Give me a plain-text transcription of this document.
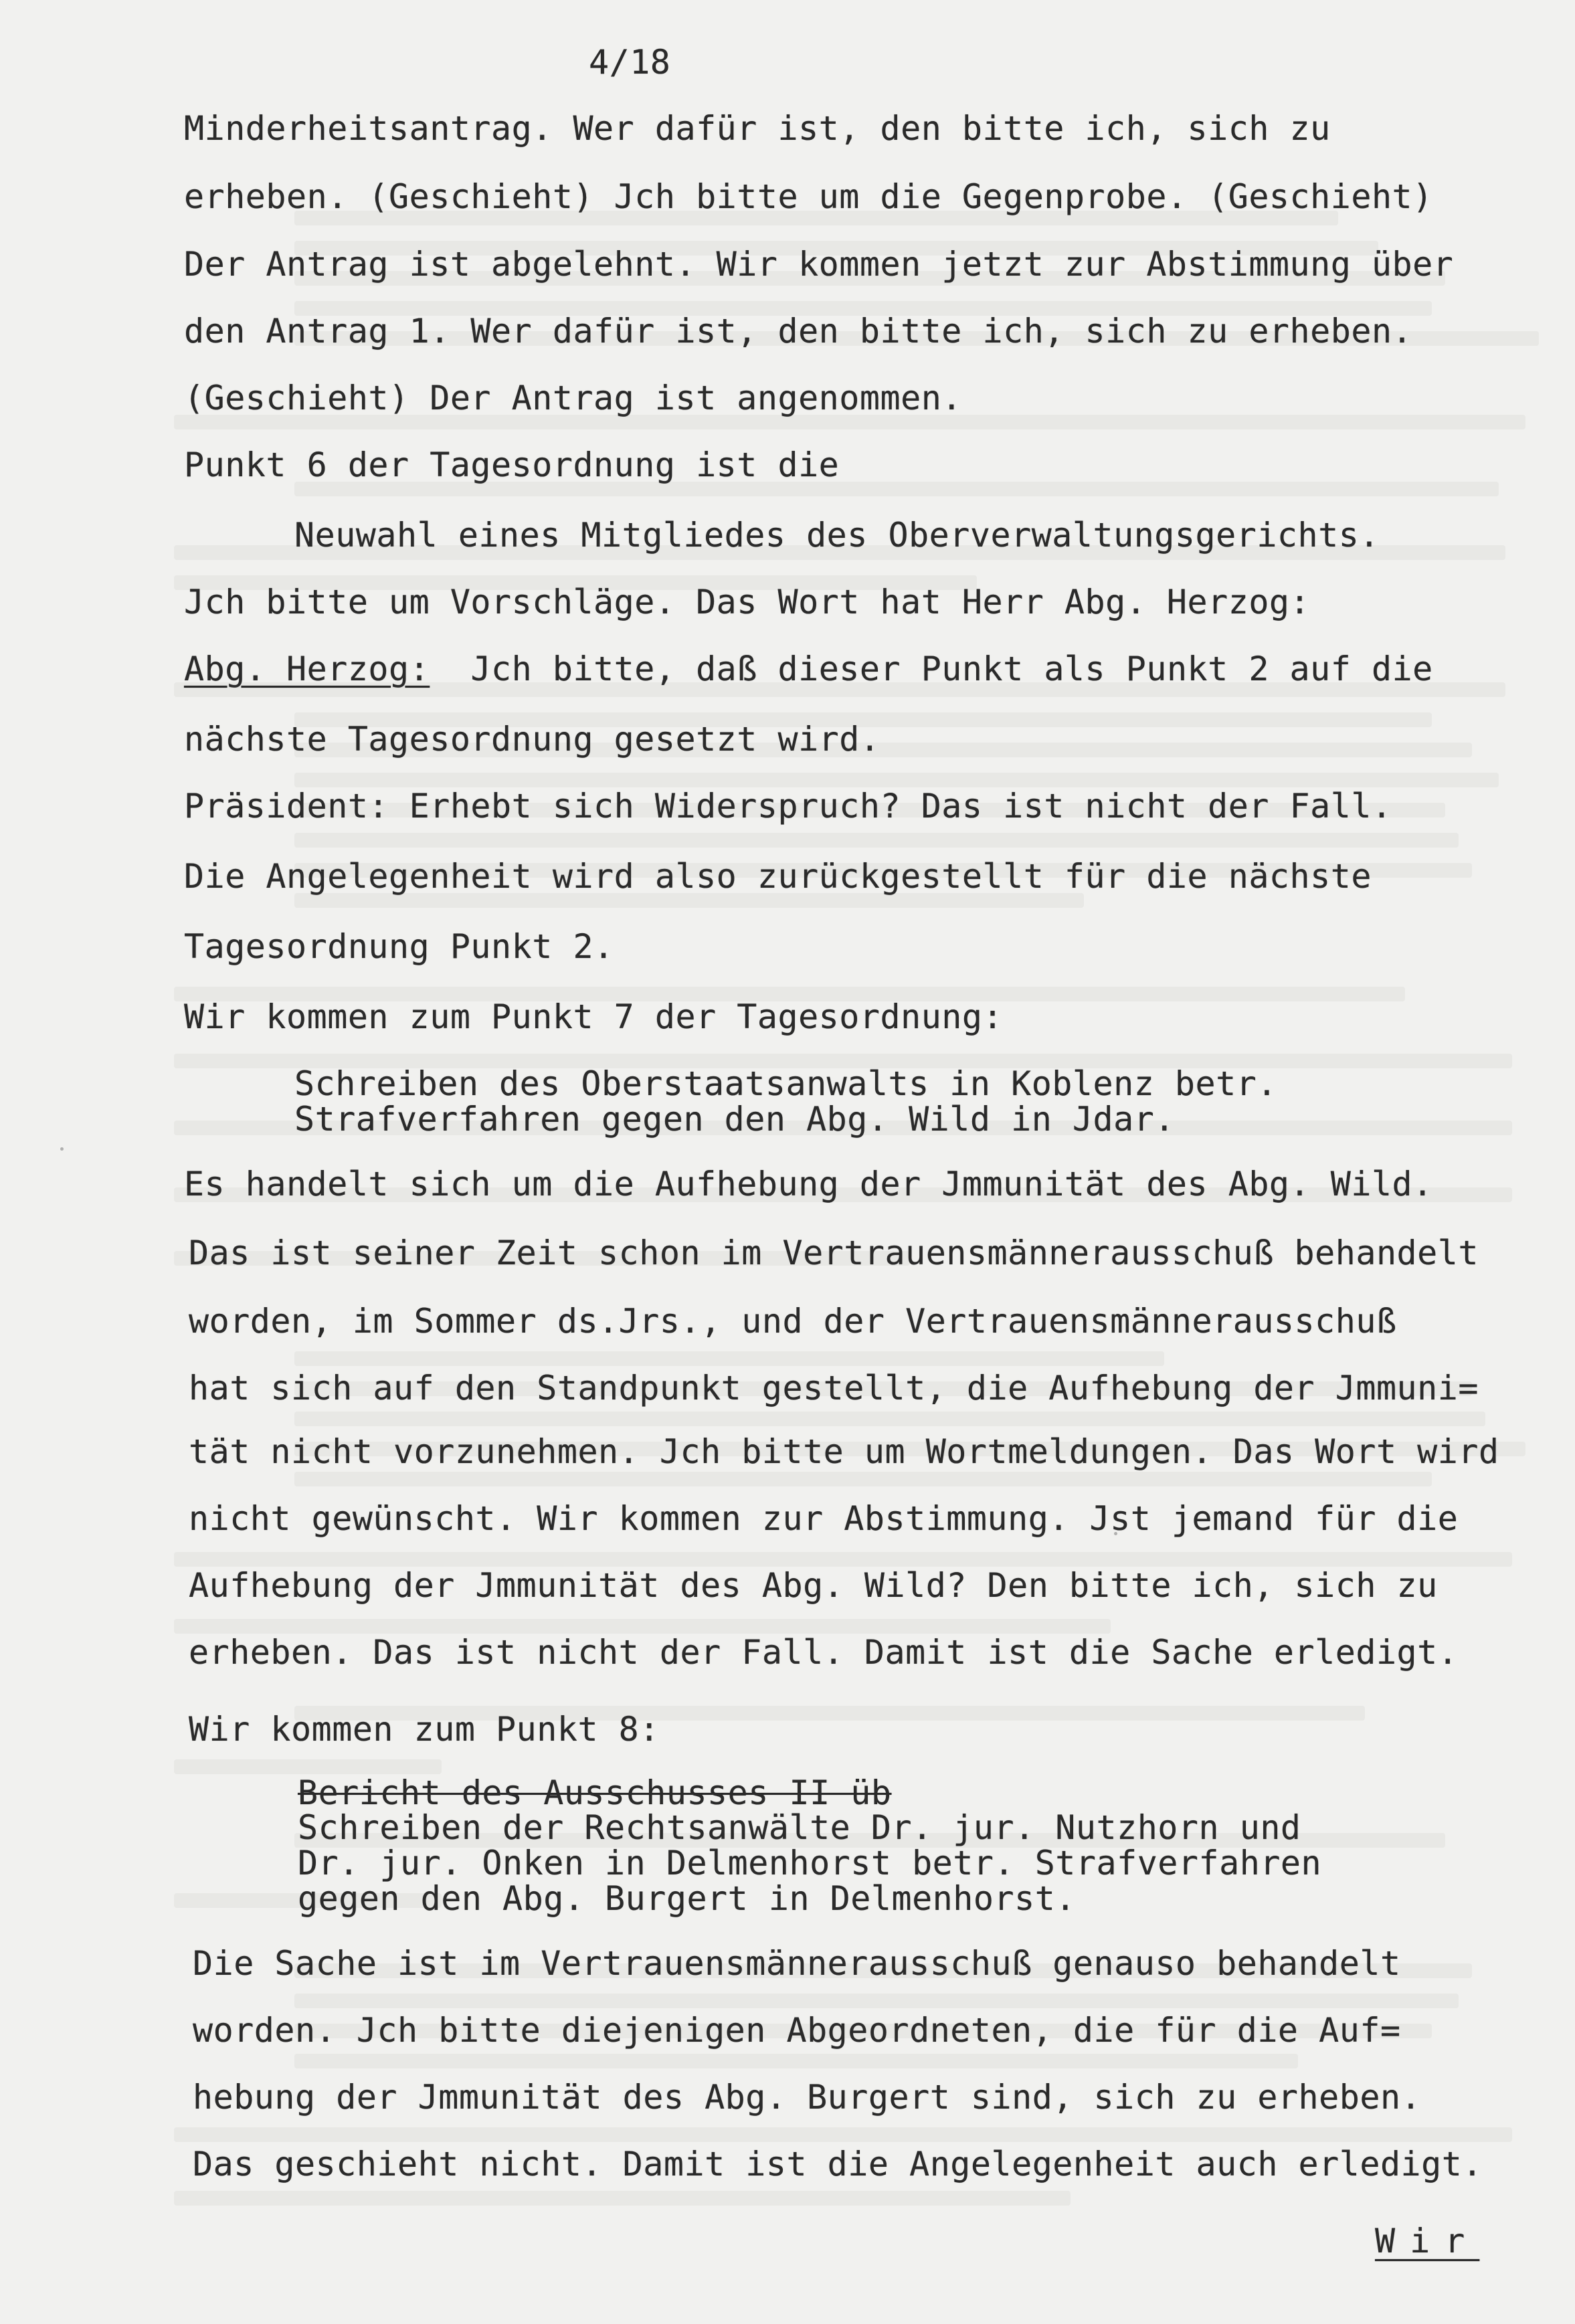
4/18
Minderheitsantrag. Wer dafür ist, den bitte ich, sich zu
erheben. (Geschieht) Jch bitte um die Gegenprobe. (Geschieht)
Der Antrag ist abgelehnt. Wir kommen jetzt zur Abstimmung über
den Antrag 1. Wer dafür ist, den bitte ich, sich zu erheben.
(Geschieht) Der Antrag ist angenommen.
Punkt 6 der Tagesordnung ist die
Neuwahl eines Mitgliedes des Oberverwaltungsgerichts.
Jch bitte um Vorschläge. Das Wort hat Herr Abg. Herzog:
Abg. Herzog: Jch bitte, daß dieser Punkt als Punkt 2 auf die
nächste Tagesordnung gesetzt wird.
Präsident: Erhebt sich Widerspruch? Das ist nicht der Fall.
Die Angelegenheit wird also zurückgestellt für die nächste
Tagesordnung Punkt 2.
Wir kommen zum Punkt 7 der Tagesordnung:
Schreiben des Oberstaatsanwalts in Koblenz betr.
Strafverfahren gegen den Abg. Wild in Jdar.
Es handelt sich um die Aufhebung der Jmmunität des Abg. Wild.
Das ist seiner Zeit schon im Vertrauensmännerausschuß behandelt
worden, im Sommer ds.Jrs., und der Vertrauensmännerausschuß
hat sich auf den Standpunkt gestellt, die Aufhebung der Jmmuni=
tät nicht vorzunehmen. Jch bitte um Wortmeldungen. Das Wort wird
nicht gewünscht. Wir kommen zur Abstimmung. Jst jemand für die
Aufhebung der Jmmunität des Abg. Wild? Den bitte ich, sich zu
erheben. Das ist nicht der Fall. Damit ist die Sache erledigt.
Wir kommen zum Punkt 8:
Bericht des Ausschusses II üb
Schreiben der Rechtsanwälte Dr. jur. Nutzhorn und
Dr. jur. Onken in Delmenhorst betr. Strafverfahren
gegen den Abg. Burgert in Delmenhorst.
Die Sache ist im Vertrauensmännerausschuß genauso behandelt
worden. Jch bitte diejenigen Abgeordneten, die für die Auf=
hebung der Jmmunität des Abg. Burgert sind, sich zu erheben.
Das geschieht nicht. Damit ist die Angelegenheit auch erledigt.
Wir
